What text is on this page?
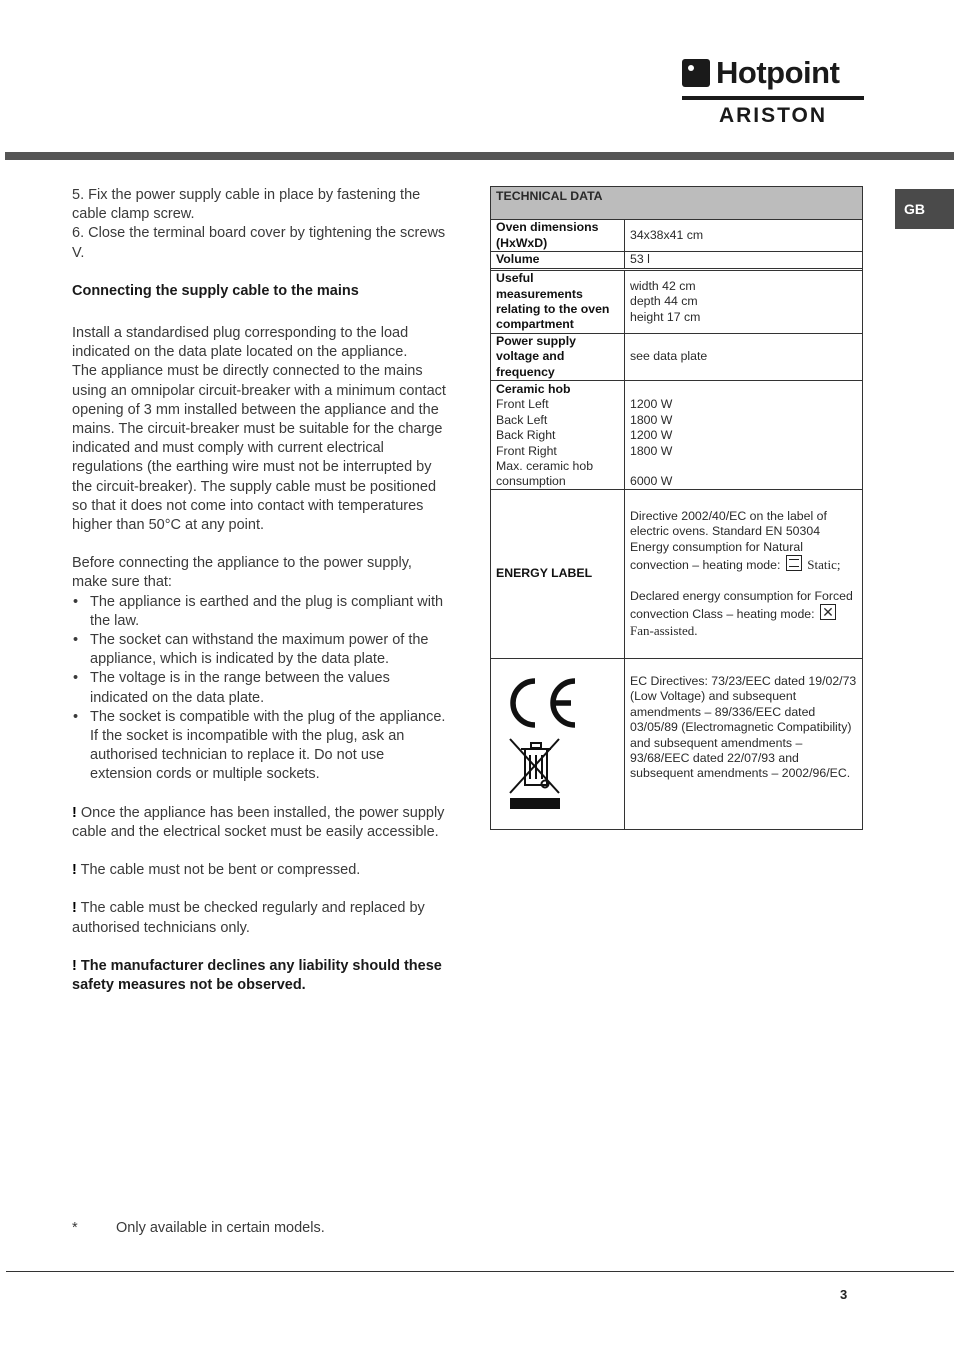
Hotpoint
ARISTON
GB

5. Fix the power supply cable in place by fastening the cable clamp screw.

6. Close the terminal board cover by tightening the screws V.

Connecting the supply cable to the mains

Install a standardised plug corresponding to the load indicated on the data plate located on the appliance.

The appliance must be directly connected to the mains using an omnipolar circuit-breaker with a minimum contact opening of 3 mm installed between the appliance and the mains. The circuit-breaker must be suitable for the charge indicated and must comply with current electrical regulations (the earthing wire must not be interrupted by the circuit-breaker). The supply cable must be positioned so that it does not come into contact with temperatures higher than 50°C at any point.

Before connecting the appliance to the power supply, make sure that:

• The appliance is earthed and the plug is compliant with the law.
• The socket can withstand the maximum power of the appliance, which is indicated by the data plate.
• The voltage is in the range between the values indicated on the data plate.
• The socket is compatible with the plug of the appliance. If the socket is incompatible with the plug, ask an authorised technician to replace it. Do not use extension cords or multiple sockets.

! Once the appliance has been installed, the power supply cable and the electrical socket must be easily accessible.

! The cable must not be bent or compressed.

! The cable must be checked regularly and replaced by authorised technicians only.

! The manufacturer declines any liability should these safety measures not be observed.

TECHNICAL DATA
Oven dimensions (HxWxD)
34x38x41 cm
Volume	53 l
Useful measurements relating to the oven compartment
width 42 cm
depth 44 cm
height 17 cm
Power supply voltage and frequency
see data plate
Ceramic hob
Front Left
Back Left
Back Right
Front Right
Max. ceramic hob consumption

1200 W
1800 W
1200 W
1800 W

6000 W
ENERGY LABEL
Directive 2002/40/EC on the label of electric ovens. Standard EN 50304 Energy consumption for Natural convection – heating mode: Static;
Declared energy consumption for Forced convection Class – heating mode: ✕
Fan-assisted.
EC Directives: 73/23/EEC dated 19/02/73 (Low Voltage) and subsequent amendments – 89/336/EEC dated 03/05/89 (Electromagnetic Compatibility) and subsequent amendments – 93/68/EEC dated 22/07/93 and subsequent amendments – 2002/96/EC.
*	Only available in certain models.
3
